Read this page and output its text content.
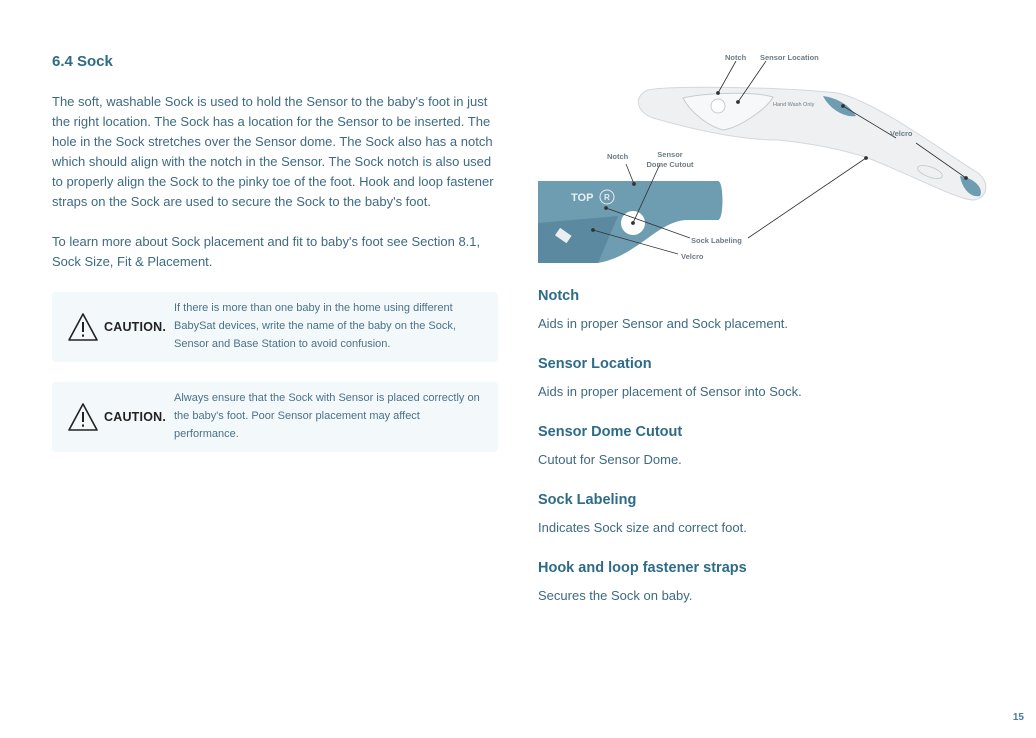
6.4 Sock

The soft, washable Sock is used to hold the Sensor to the baby's foot in just the right location. The Sock has a location for the Sensor to be inserted. The hole in the Sock stretches over the Sensor dome. The Sock also has a notch which should align with the notch in the Sensor. The Sock notch is also used to properly align the Sock to the pinky toe of the foot. Hook and loop fastener straps on the Sock are used to secure the Sock to the baby's foot.

To learn more about Sock placement and fit to baby's foot see Section 8.1, Sock Size, Fit & Placement.

CAUTION.
If there is more than one baby in the home using different BabySat devices, write the name of the baby on the Sock, Sensor and Base Station to avoid confusion.
CAUTION.
Always ensure that the Sock with Sensor is placed correctly on the baby's foot. Poor Sensor placement may affect performance.
Hand Wash Only
TOP R
Notch Sensor Location
Velcro
Notch	Sensor Dome Cutout
Sock Labeling
Velcro
Notch

Aids in proper Sensor and Sock placement.

Sensor Location

Aids in proper placement of Sensor into Sock.

Sensor Dome Cutout

Cutout for Sensor Dome.

Sock Labeling

Indicates Sock size and correct foot.

Hook and loop fastener straps

Secures the Sock on baby.

15
